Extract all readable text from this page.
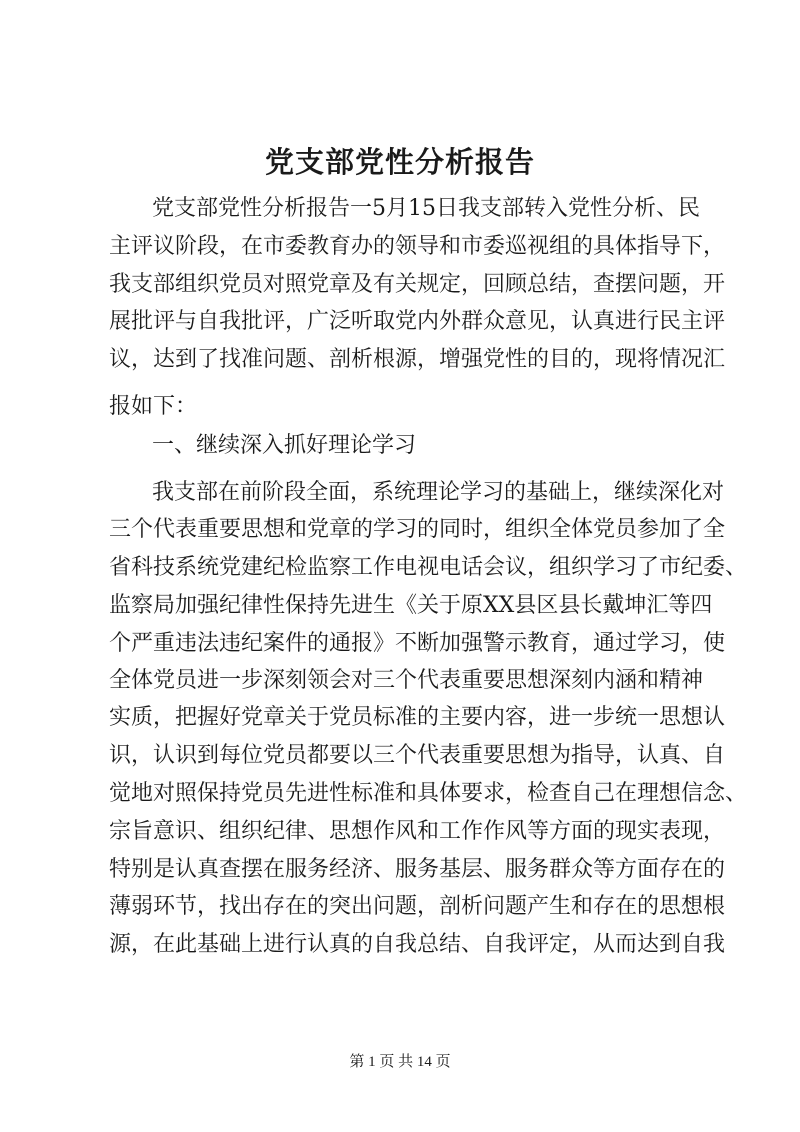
党支部党性分析报告
党支部党性分析报告一5月15日我支部转入党性分析、民
主评议阶段，在市委教育办的领导和市委巡视组的具体指导下，
我支部组织党员对照党章及有关规定，回顾总结，查摆问题，开
展批评与自我批评，广泛听取党内外群众意见，认真进行民主评
议，达到了找准问题、剖析根源，增强党性的目的，现将情况汇
报如下：
一、继续深入抓好理论学习
我支部在前阶段全面，系统理论学习的基础上，继续深化对
三个代表重要思想和党章的学习的同时，组织全体党员参加了全
省科技系统党建纪检监察工作电视电话会议，组织学习了市纪委、
监察局加强纪律性保持先进生《关于原XX县区县长戴坤汇等四
个严重违法违纪案件的通报》不断加强警示教育，通过学习，使
全体党员进一步深刻领会对三个代表重要思想深刻内涵和精神
实质，把握好党章关于党员标准的主要内容，进一步统一思想认
识，认识到每位党员都要以三个代表重要思想为指导，认真、自
觉地对照保持党员先进性标准和具体要求，检查自己在理想信念、
宗旨意识、组织纪律、思想作风和工作作风等方面的现实表现，
特别是认真查摆在服务经济、服务基层、服务群众等方面存在的
薄弱环节，找出存在的突出问题，剖析问题产生和存在的思想根
源，在此基础上进行认真的自我总结、自我评定，从而达到自我
第 1 页 共 14 页
